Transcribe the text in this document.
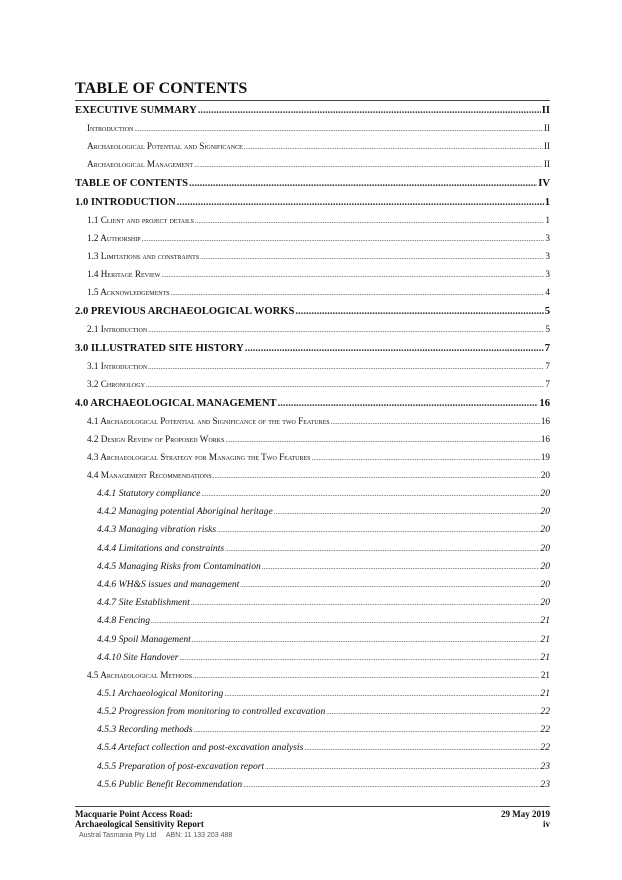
TABLE OF CONTENTS
EXECUTIVE SUMMARY .....	II
Introduction .....	II
Archaeological Potential and Significance .....	II
Archaeological Management .....	II
TABLE OF CONTENTS .....	IV
1.0 INTRODUCTION .....	1
1.1 Client and project details .....	1
1.2 Authorship .....	3
1.3 Limitations and constraints .....	3
1.4 Heritage Review .....	3
1.5 Acknowledgements .....	4
2.0 PREVIOUS ARCHAEOLOGICAL WORKS .....	5
2.1 Introduction .....	5
3.0 ILLUSTRATED SITE HISTORY .....	7
3.1 Introduction .....	7
3.2 Chronology .....	7
4.0 ARCHAEOLOGICAL MANAGEMENT .....	16
4.1 Archaeological Potential and Significance of the two Features .....	16
4.2 Design Review of Proposed Works .....	16
4.3 Archaeological Strategy for Managing the Two Features .....	19
4.4 Management Recommendations .....	20
4.4.1 Statutory compliance .....	20
4.4.2 Managing potential Aboriginal heritage .....	20
4.4.3 Managing vibration risks .....	20
4.4.4 Limitations and constraints .....	20
4.4.5 Managing Risks from Contamination .....	20
4.4.6 WH&S issues and management .....	20
4.4.7 Site Establishment .....	20
4.4.8 Fencing .....	21
4.4.9 Spoil Management .....	21
4.4.10 Site Handover .....	21
4.5 Archaeological Methods .....	21
4.5.1 Archaeological Monitoring .....	21
4.5.2 Progression from monitoring to controlled excavation .....	22
4.5.3 Recording methods .....	22
4.5.4 Artefact collection and post-excavation analysis .....	22
4.5.5 Preparation of post-excavation report .....	23
4.5.6 Public Benefit Recommendation .....	23
Macquarie Point Access Road:
Archaeological Sensitivity Report
29 May 2019
iv
Austral Tasmania Pty Ltd ABN: 11 133 203 488
